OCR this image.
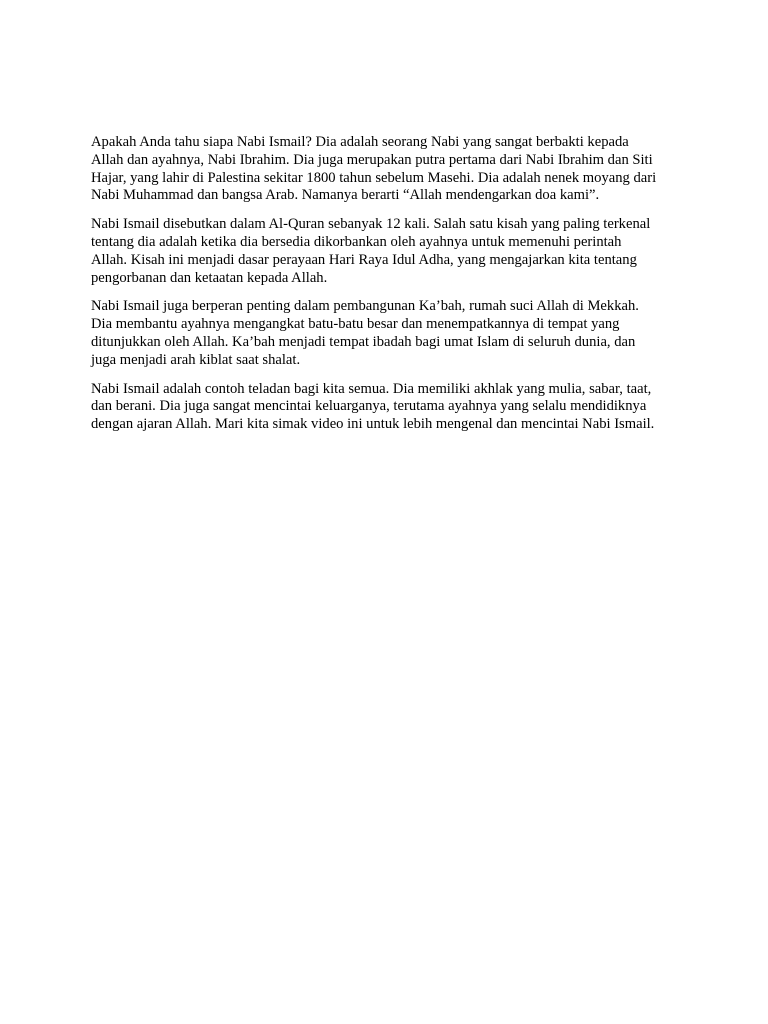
Apakah Anda tahu siapa Nabi Ismail? Dia adalah seorang Nabi yang sangat berbakti kepada
Allah dan ayahnya, Nabi Ibrahim. Dia juga merupakan putra pertama dari Nabi Ibrahim dan Siti
Hajar, yang lahir di Palestina sekitar 1800 tahun sebelum Masehi. Dia adalah nenek moyang dari
Nabi Muhammad dan bangsa Arab. Namanya berarti “Allah mendengarkan doa kami”.

Nabi Ismail disebutkan dalam Al-Quran sebanyak 12 kali. Salah satu kisah yang paling terkenal
tentang dia adalah ketika dia bersedia dikorbankan oleh ayahnya untuk memenuhi perintah
Allah. Kisah ini menjadi dasar perayaan Hari Raya Idul Adha, yang mengajarkan kita tentang
pengorbanan dan ketaatan kepada Allah.

Nabi Ismail juga berperan penting dalam pembangunan Ka’bah, rumah suci Allah di Mekkah.
Dia membantu ayahnya mengangkat batu-batu besar dan menempatkannya di tempat yang
ditunjukkan oleh Allah. Ka’bah menjadi tempat ibadah bagi umat Islam di seluruh dunia, dan
juga menjadi arah kiblat saat shalat.

Nabi Ismail adalah contoh teladan bagi kita semua. Dia memiliki akhlak yang mulia, sabar, taat,
dan berani. Dia juga sangat mencintai keluarganya, terutama ayahnya yang selalu mendidiknya
dengan ajaran Allah. Mari kita simak video ini untuk lebih mengenal dan mencintai Nabi Ismail.
